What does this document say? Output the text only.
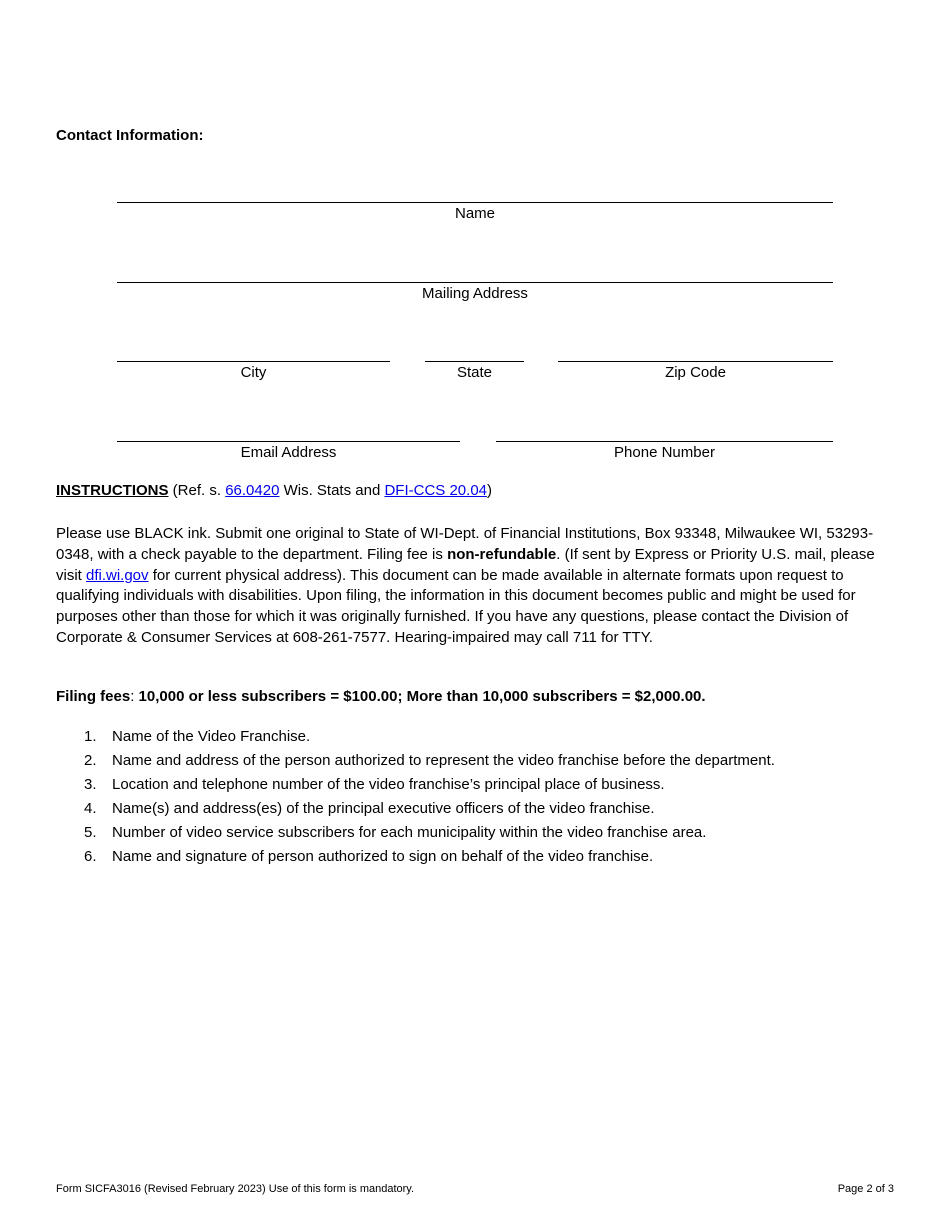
Contact Information:
Name
Mailing Address
City	State	Zip Code
Email Address	Phone Number
INSTRUCTIONS (Ref. s. 66.0420 Wis. Stats and DFI-CCS 20.04)
Please use BLACK ink. Submit one original to State of WI-Dept. of Financial Institutions, Box 93348, Milwaukee WI, 53293-0348, with a check payable to the department. Filing fee is non-refundable. (If sent by Express or Priority U.S. mail, please visit dfi.wi.gov for current physical address). This document can be made available in alternate formats upon request to qualifying individuals with disabilities. Upon filing, the information in this document becomes public and might be used for purposes other than those for which it was originally furnished. If you have any questions, please contact the Division of Corporate & Consumer Services at 608-261-7577. Hearing-impaired may call 711 for TTY.
Filing fees: 10,000 or less subscribers = $100.00; More than 10,000 subscribers = $2,000.00.
1.	Name of the Video Franchise.
2.	Name and address of the person authorized to represent the video franchise before the department.
3.	Location and telephone number of the video franchise’s principal place of business.
4.	Name(s) and address(es) of the principal executive officers of the video franchise.
5.	Number of video service subscribers for each municipality within the video franchise area.
6.	Name and signature of person authorized to sign on behalf of the video franchise.
Form SICFA3016 (Revised February 2023) Use of this form is mandatory.	Page 2 of 3
